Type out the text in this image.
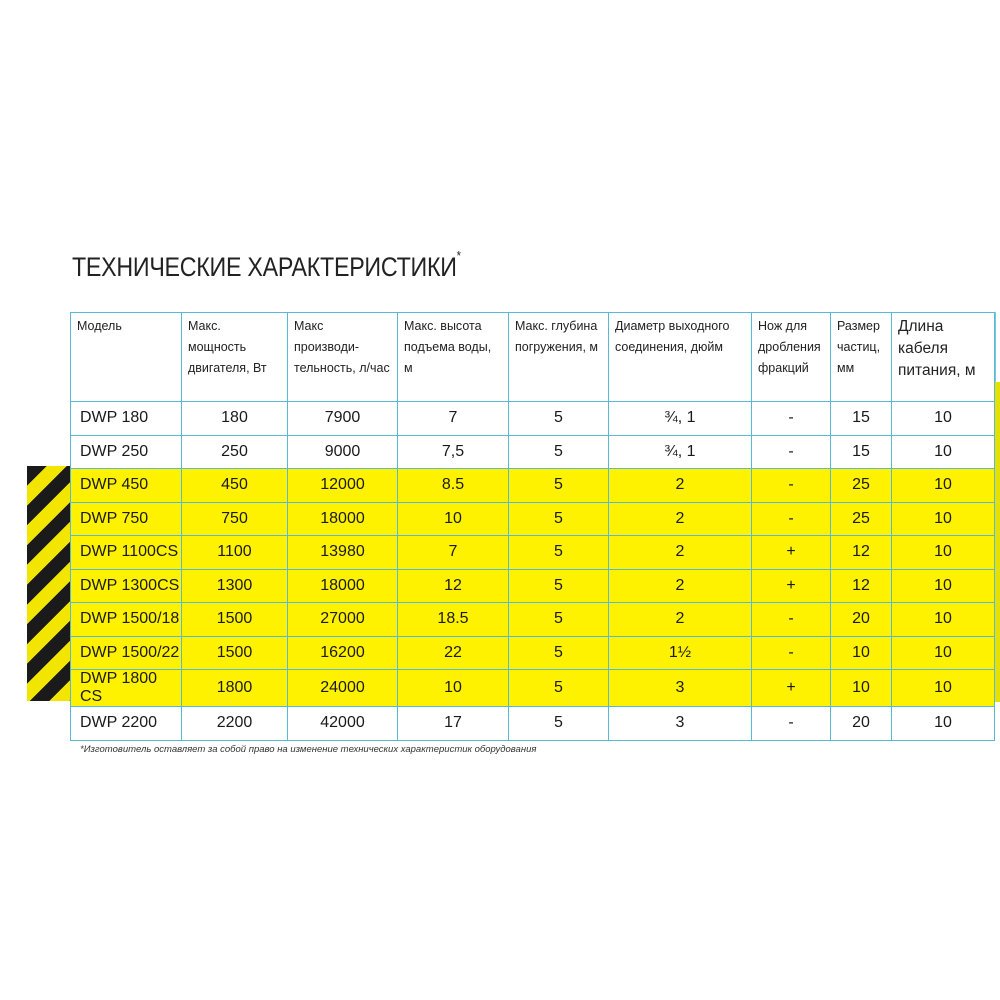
ТЕХНИЧЕСКИЕ ХАРАКТЕРИСТИКИ*
Модель	Макс. мощность двигателя, Вт	Макс производи-тельность, л/час	Макс. высота подъема воды, м	Макс. глубина погружения, м	Диаметр выходного соединения, дюйм	Нож для дробления фракций	Размер частиц, мм	Длина кабеля питания, м
DWP 180	180	7900	7	5	¾, 1	-	15	10
DWP 250	250	9000	7,5	5	¾, 1	-	15	10
DWP 450	450	12000	8.5	5	2	-	25	10
DWP 750	750	18000	10	5	2	-	25	10
DWP 1100CS	1100	13980	7	5	2	+	12	10
DWP 1300CS	1300	18000	12	5	2	+	12	10
DWP 1500/18	1500	27000	18.5	5	2	-	20	10
DWP 1500/22	1500	16200	22	5	1½	-	10	10
DWP 1800 CS	1800	24000	10	5	3	+	10	10
DWP 2200	2200	42000	17	5	3	-	20	10
*Изготовитель оставляет за собой право на изменение технических характеристик оборудования
